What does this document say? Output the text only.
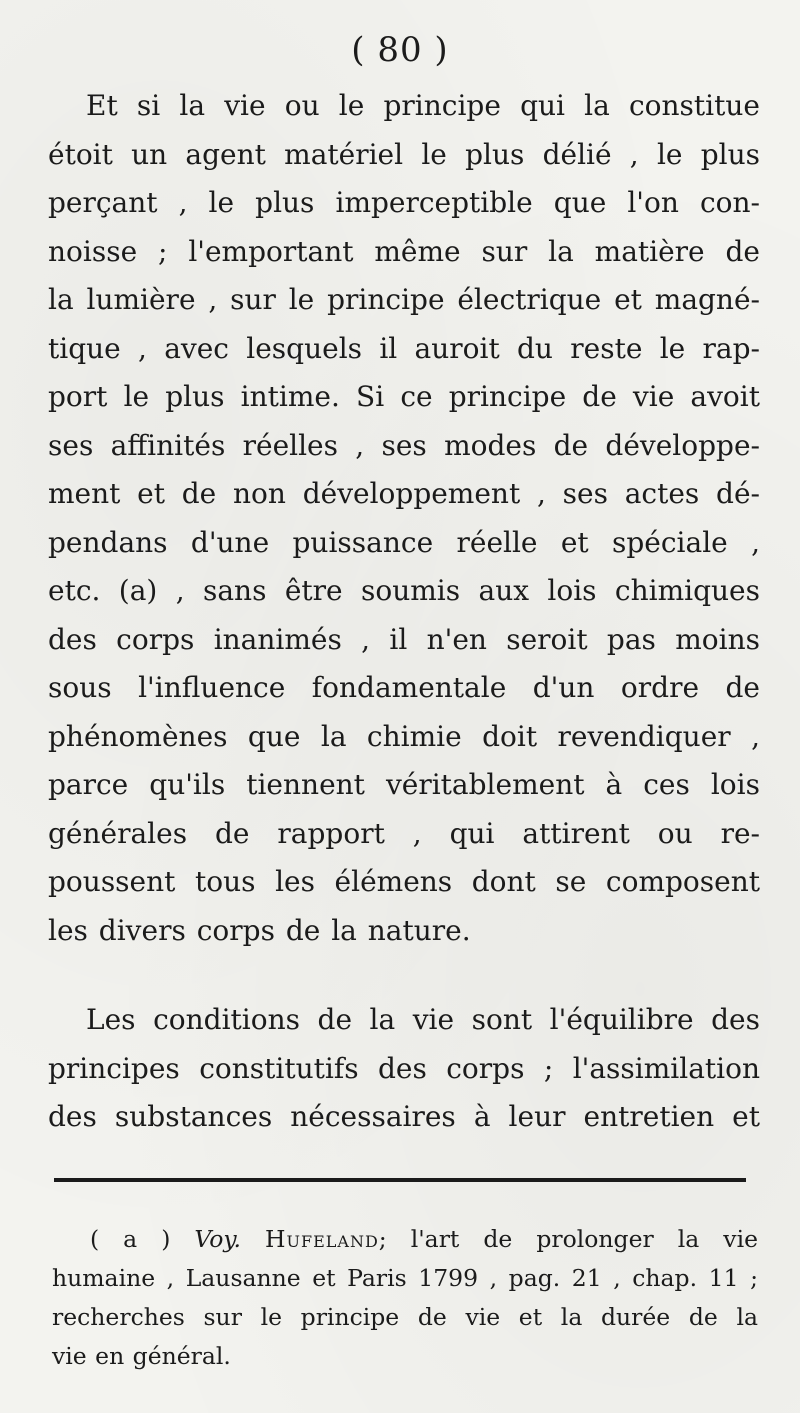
( 80 )
Et si la vie ou le principe qui la constitue
étoit un agent matériel le plus délié , le plus
perçant , le plus imperceptible que l'on con-
noisse ; l'emportant même sur la matière de
la lumière , sur le principe électrique et magné-
tique , avec lesquels il auroit du reste le rap-
port le plus intime. Si ce principe de vie avoit
ses affinités réelles , ses modes de développe-
ment et de non développement , ses actes dé-
pendans d'une puissance réelle et spéciale ,
etc. (a) , sans être soumis aux lois chimiques
des corps inanimés , il n'en seroit pas moins
sous l'influence fondamentale d'un ordre de
phénomènes que la chimie doit revendiquer ,
parce qu'ils tiennent véritablement à ces lois
générales de rapport , qui attirent ou re-
poussent tous les élémens dont se composent
les divers corps de la nature.
Les conditions de la vie sont l'équilibre des
principes constitutifs des corps ; l'assimilation
des substances nécessaires à leur entretien et
( a ) Voy. Hufeland; l'art de prolonger la vie
humaine , Lausanne et Paris 1799 , pag. 21 , chap. 11 ;
recherches sur le principe de vie et la durée de la
vie en général.
